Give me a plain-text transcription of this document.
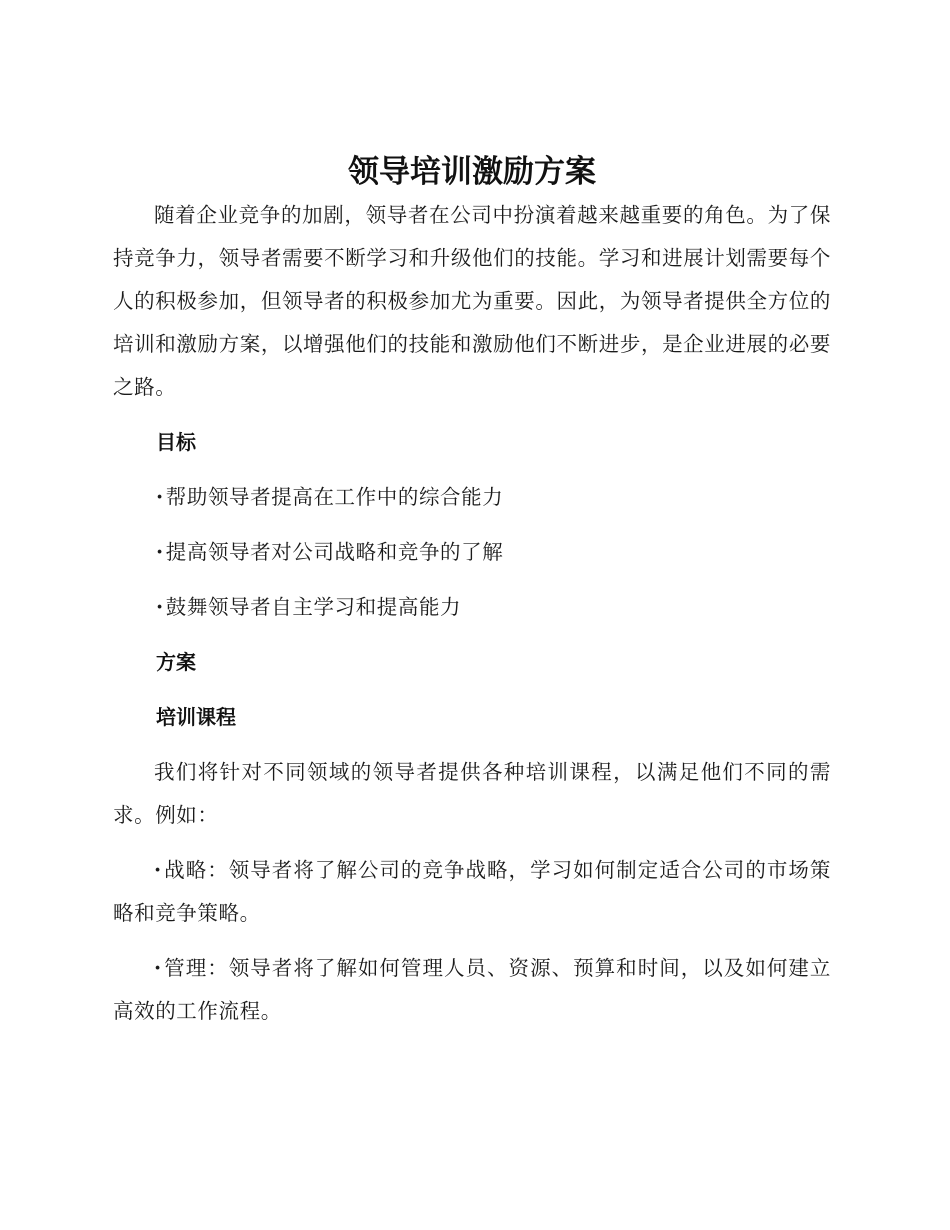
领导培训激励方案

随着企业竞争的加剧，领导者在公司中扮演着越来越重要的角色。为了保持竞争力，领导者需要不断学习和升级他们的技能。学习和进展计划需要每个人的积极参加，但领导者的积极参加尤为重要。因此，为领导者提供全方位的培训和激励方案，以增强他们的技能和激励他们不断进步，是企业进展的必要之路。

目标

·帮助领导者提高在工作中的综合能力

·提高领导者对公司战略和竞争的了解

·鼓舞领导者自主学习和提高能力

方案

培训课程

我们将针对不同领域的领导者提供各种培训课程，以满足他们不同的需求。例如：

·战略：领导者将了解公司的竞争战略，学习如何制定适合公司的市场策略和竞争策略。

·管理：领导者将了解如何管理人员、资源、预算和时间，以及如何建立高效的工作流程。
